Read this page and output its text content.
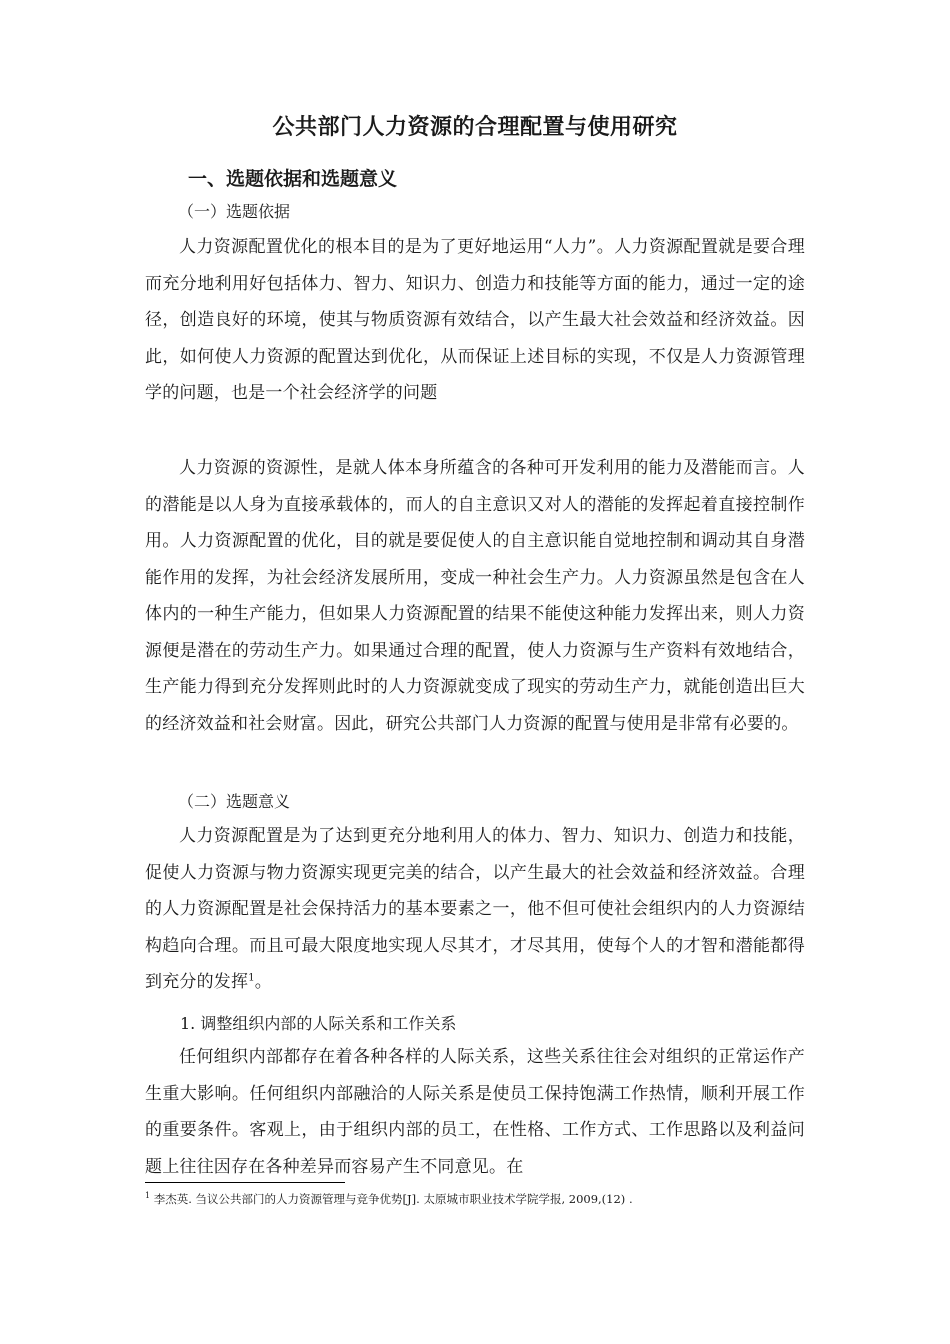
公共部门人力资源的合理配置与使用研究
一、选题依据和选题意义
（一）选题依据
人力资源配置优化的根本目的是为了更好地运用“人力”。人力资源配置就是要合理而充分地利用好包括体力、智力、知识力、创造力和技能等方面的能力，通过一定的途径，创造良好的环境，使其与物质资源有效结合，以产生最大社会效益和经济效益。因此，如何使人力资源的配置达到优化，从而保证上述目标的实现，不仅是人力资源管理学的问题，也是一个社会经济学的问题
人力资源的资源性，是就人体本身所蕴含的各种可开发利用的能力及潜能而言。人的潜能是以人身为直接承载体的，而人的自主意识又对人的潜能的发挥起着直接控制作用。人力资源配置的优化，目的就是要促使人的自主意识能自觉地控制和调动其自身潜能作用的发挥，为社会经济发展所用，变成一种社会生产力。人力资源虽然是包含在人体内的一种生产能力，但如果人力资源配置的结果不能使这种能力发挥出来，则人力资源便是潜在的劳动生产力。如果通过合理的配置，使人力资源与生产资料有效地结合，生产能力得到充分发挥则此时的人力资源就变成了现实的劳动生产力，就能创造出巨大的经济效益和社会财富。因此，研究公共部门人力资源的配置与使用是非常有必要的。
（二）选题意义
人力资源配置是为了达到更充分地利用人的体力、智力、知识力、创造力和技能，促使人力资源与物力资源实现更完美的结合，以产生最大的社会效益和经济效益。合理的人力资源配置是社会保持活力的基本要素之一，他不但可使社会组织内的人力资源结构趋向合理。而且可最大限度地实现人尽其才，才尽其用，使每个人的才智和潜能都得到充分的发挥$^1$。
1. 调整组织内部的人际关系和工作关系
任何组织内部都存在着各种各样的人际关系，这些关系往往会对组织的正常运作产生重大影响。任何组织内部融洽的人际关系是使员工保持饱满工作热情，顺利开展工作的重要条件。客观上，由于组织内部的员工，在性格、工作方式、工作思路以及利益问题上往往因存在各种差异而容易产生不同意见。在
$^1$ 李杰英. 刍议公共部门的人力资源管理与竞争优势[J]. 太原城市职业技术学院学报, 2009,(12) .
